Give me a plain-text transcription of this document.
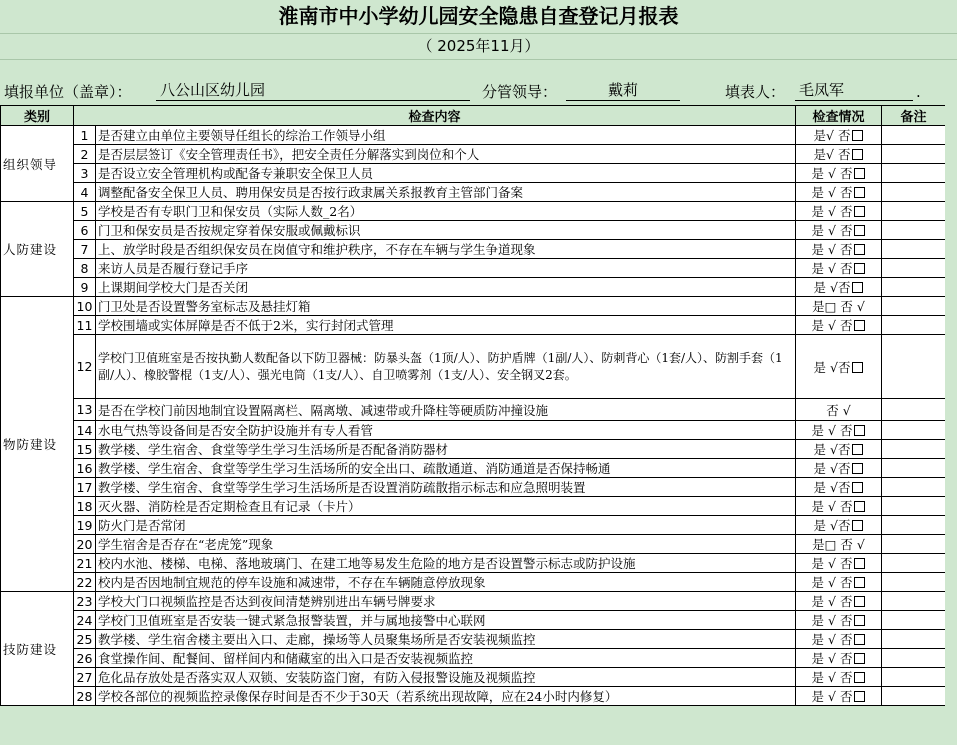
淮南市中小学幼儿园安全隐患自查登记月报表
（ 2025年11月）
填报单位（盖章）： 八公山区幼儿园	分管领导：	戴莉	填表人： 毛凤军	.
类别	检查内容		检查情况	备注
组织领导	1	是否建立由单位主要领导任组长的综治工作领导小组	是√ 否	
	2	是否层层签订《安全管理责任书》，把安全责任分解落实到岗位和个人	是√ 否	
	3	是否设立安全管理机构或配备专兼职安全保卫人员	是 √ 否	
	4	调整配备安全保卫人员、聘用保安员是否按行政隶属关系报教育主管部门备案	是 √ 否	
人防建设	5	学校是否有专职门卫和保安员（实际人数_2名）	是 √ 否	
	6	门卫和保安员是否按规定穿着保安服或佩戴标识	是 √ 否	
	7	上、放学时段是否组织保安员在岗值守和维护秩序，不存在车辆与学生争道现象	是 √ 否	
	8	来访人员是否履行登记手序	是 √ 否	
	9	上课期间学校大门是否关闭	是 √否	
物防建设	10	门卫处是否设置警务室标志及悬挂灯箱	是□ 否 √	
	11	学校围墙或实体屏障是否不低于2米，实行封闭式管理	是 √ 否	
	12	学校门卫值班室是否按执勤人数配备以下防卫器械：防暴头盔（1顶/人）、防护盾牌（1副/人）、防刺背心（1套/人）、防割手套（1副/人）、橡胶警棍（1支/人）、强光电筒（1支/人）、自卫喷雾剂（1支/人）、安全钢叉2套。	是 √否	
	13	是否在学校门前因地制宜设置隔离栏、隔离墩、减速带或升降柱等硬质防冲撞设施	否 √	
	14	水电气热等设备间是否安全防护设施并有专人看管	是 √ 否	
	15	教学楼、学生宿舍、食堂等学生学习生活场所是否配备消防器材	是 √否	
	16	教学楼、学生宿舍、食堂等学生学习生活场所的安全出口、疏散通道、消防通道是否保持畅通	是 √否	
	17	教学楼、学生宿舍、食堂等学生学习生活场所是否设置消防疏散指示标志和应急照明装置	是 √否	
	18	灭火器、消防栓是否定期检查且有记录（卡片）	是 √ 否	
	19	防火门是否常闭	是 √否	
	20	学生宿舍是否存在“老虎笼”现象	是□ 否 √	
	21	校内水池、楼梯、电梯、落地玻璃门、在建工地等易发生危险的地方是否设置警示标志或防护设施	是 √ 否	
	22	校内是否因地制宜规范的停车设施和减速带，不存在车辆随意停放现象	是 √ 否	
技防建设	23	学校大门口视频监控是否达到夜间清楚辨别进出车辆号牌要求	是 √ 否	
	24	学校门卫值班室是否安装一键式紧急报警装置，并与属地接警中心联网	是 √ 否	
	25	教学楼、学生宿舍楼主要出入口、走廊，操场等人员聚集场所是否安装视频监控	是 √ 否	
	26	食堂操作间、配餐间、留样间内和储藏室的出入口是否安装视频监控	是 √ 否	
	27	危化品存放处是否落实双人双锁、安装防盗门窗，有防入侵报警设施及视频监控	是 √ 否	
	28	学校各部位的视频监控录像保存时间是否不少于30天（若系统出现故障，应在24小时内修复）	是 √ 否	
